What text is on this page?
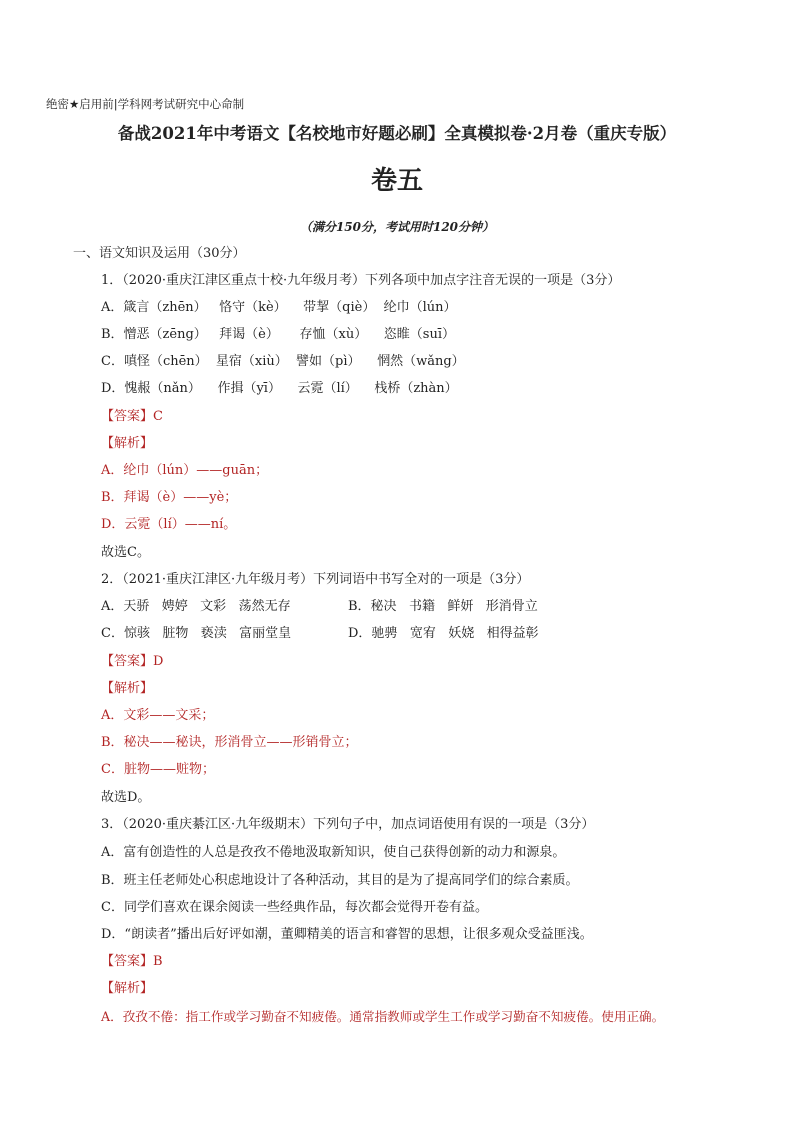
绝密★启用前|学科网考试研究中心命制
备战2021年中考语文【名校地市好题必刷】全真模拟卷·2月卷（重庆专版）
卷五
（满分150分，考试用时120分钟）
一、语文知识及运用（30分）
1．（2020·重庆江津区重点十校·九年级月考）下列各项中加点字注音无误的一项是（3分）
A．箴言（zhēn）   恪守（kè）    带挈（qiè）  纶巾（lún）
B．憎恶（zēng）   拜谒（è）     存恤（xù）    恣睢（suī）
C．嗔怪（chēn）  星宿（xiù）  譬如（pì）    惘然（wǎng）
D．愧赧（nǎn）    作揖（yī）    云霓（lí）    栈桥（zhàn）
【答案】C
【解析】
A．纶巾（lún）——guān；
B．拜谒（è）——yè；
D．云霓（lí）——ní。
故选C。
2．（2021·重庆江津区·九年级月考）下列词语中书写全对的一项是（3分）
A．天骄   娉婷   文彩   荡然无存	B．秘决   书籍   鲜妍   形消骨立
C．惊骇   脏物   亵渎   富丽堂皇	D．驰骋   宽宥   妖娆   相得益彰
【答案】D
【解析】
A．文彩——文采；
B．秘决——秘诀，形消骨立——形销骨立；
C．脏物——赃物；
故选D。
3．（2020·重庆綦江区·九年级期末）下列句子中，加点词语使用有误的一项是（3分）
A．富有创造性的人总是孜孜不倦地汲取新知识，使自己获得创新的动力和源泉。
B．班主任老师处心积虑地设计了各种活动，其目的是为了提高同学们的综合素质。
C．同学们喜欢在课余阅读一些经典作品，每次都会觉得开卷有益。
D．“朗读者”播出后好评如潮，董卿精美的语言和睿智的思想，让很多观众受益匪浅。
【答案】B
【解析】
A．孜孜不倦：指工作或学习勤奋不知疲倦。通常指教师或学生工作或学习勤奋不知疲倦。使用正确。
